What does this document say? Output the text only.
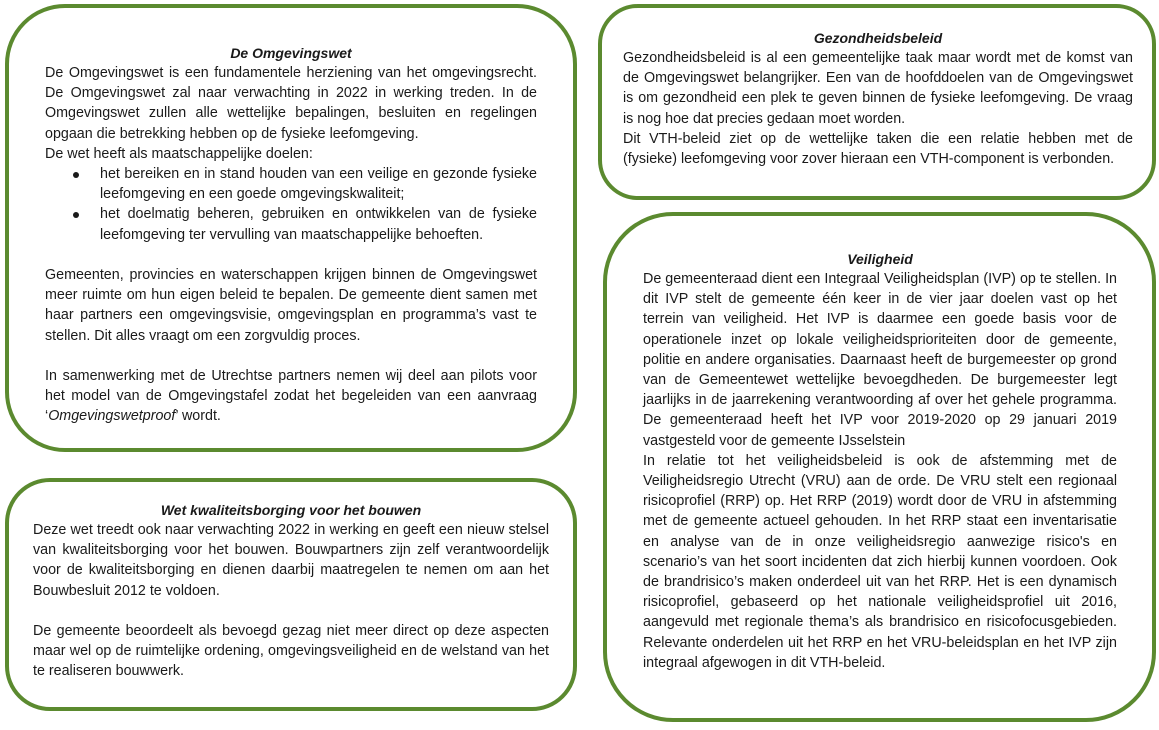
De Omgevingswet

De Omgevingswet is een fundamentele herziening van het omgevingsrecht. De Omgevingswet zal naar verwachting in 2022 in werking treden. In de Omgevingswet zullen alle wettelijke bepalingen, besluiten en regelingen opgaan die betrekking hebben op de fysieke leefomgeving.

De wet heeft als maatschappelijke doelen:

het bereiken en in stand houden van een veilige en gezonde fysieke leefomgeving en een goede omgevingskwaliteit;
het doelmatig beheren, gebruiken en ontwikkelen van de fysieke leefomgeving ter vervulling van maatschappelijke behoeften.

Gemeenten, provincies en waterschappen krijgen binnen de Omgevingswet meer ruimte om hun eigen beleid te bepalen. De gemeente dient samen met haar partners een omgevingsvisie, omgevingsplan en programma’s vast te stellen. Dit alles vraagt om een zorgvuldig proces.

In samenwerking met de Utrechtse partners nemen wij deel aan pilots voor het model van de Omgevingstafel zodat het begeleiden van een aanvraag ‘Omgevingswetproof’ wordt.

Wet kwaliteitsborging voor het bouwen

Deze wet treedt ook naar verwachting 2022 in werking en geeft een nieuw stelsel van kwaliteitsborging voor het bouwen. Bouwpartners zijn zelf verantwoordelijk voor de kwaliteitsborging en dienen daarbij maatregelen te nemen om aan het Bouwbesluit 2012 te voldoen.

De gemeente beoordeelt als bevoegd gezag niet meer direct op deze aspecten maar wel op de ruimtelijke ordening, omgevingsveiligheid en de welstand van het te realiseren bouwwerk.

Gezondheidsbeleid

Gezondheidsbeleid is al een gemeentelijke taak maar wordt met de komst van de Omgevingswet belangrijker. Een van de hoofddoelen van de Omgevingswet is om gezondheid een plek te geven binnen de fysieke leefomgeving. De vraag is nog hoe dat precies gedaan moet worden.

Dit VTH-beleid ziet op de wettelijke taken die een relatie hebben met de (fysieke) leefomgeving voor zover hieraan een VTH-component is verbonden.

Veiligheid

De gemeenteraad dient een Integraal Veiligheidsplan (IVP) op te stellen. In dit IVP stelt de gemeente één keer in de vier jaar doelen vast op het terrein van veiligheid. Het IVP is daarmee een goede basis voor de operationele inzet op lokale veiligheidsprioriteiten door de gemeente, politie en andere organisaties. Daarnaast heeft de burgemeester op grond van de Gemeentewet wettelijke bevoegdheden. De burgemeester legt jaarlijks in de jaarrekening verantwoording af over het gehele programma. De gemeenteraad heeft het IVP voor 2019-2020 op 29 januari 2019 vastgesteld voor de gemeente IJsselstein

In relatie tot het veiligheidsbeleid is ook de afstemming met de Veiligheidsregio Utrecht (VRU) aan de orde. De VRU stelt een regionaal risicoprofiel (RRP) op. Het RRP (2019) wordt door de VRU in afstemming met de gemeente actueel gehouden. In het RRP staat een inventarisatie en analyse van de in onze veiligheidsregio aanwezige risico's en scenario’s van het soort incidenten dat zich hierbij kunnen voordoen. Ook de brandrisico’s maken onderdeel uit van het RRP. Het is een dynamisch risicoprofiel, gebaseerd op het nationale veiligheidsprofiel uit 2016, aangevuld met regionale thema’s als brandrisico en risicofocusgebieden. Relevante onderdelen uit het RRP en het VRU-beleidsplan en het IVP zijn integraal afgewogen in dit VTH-beleid.
